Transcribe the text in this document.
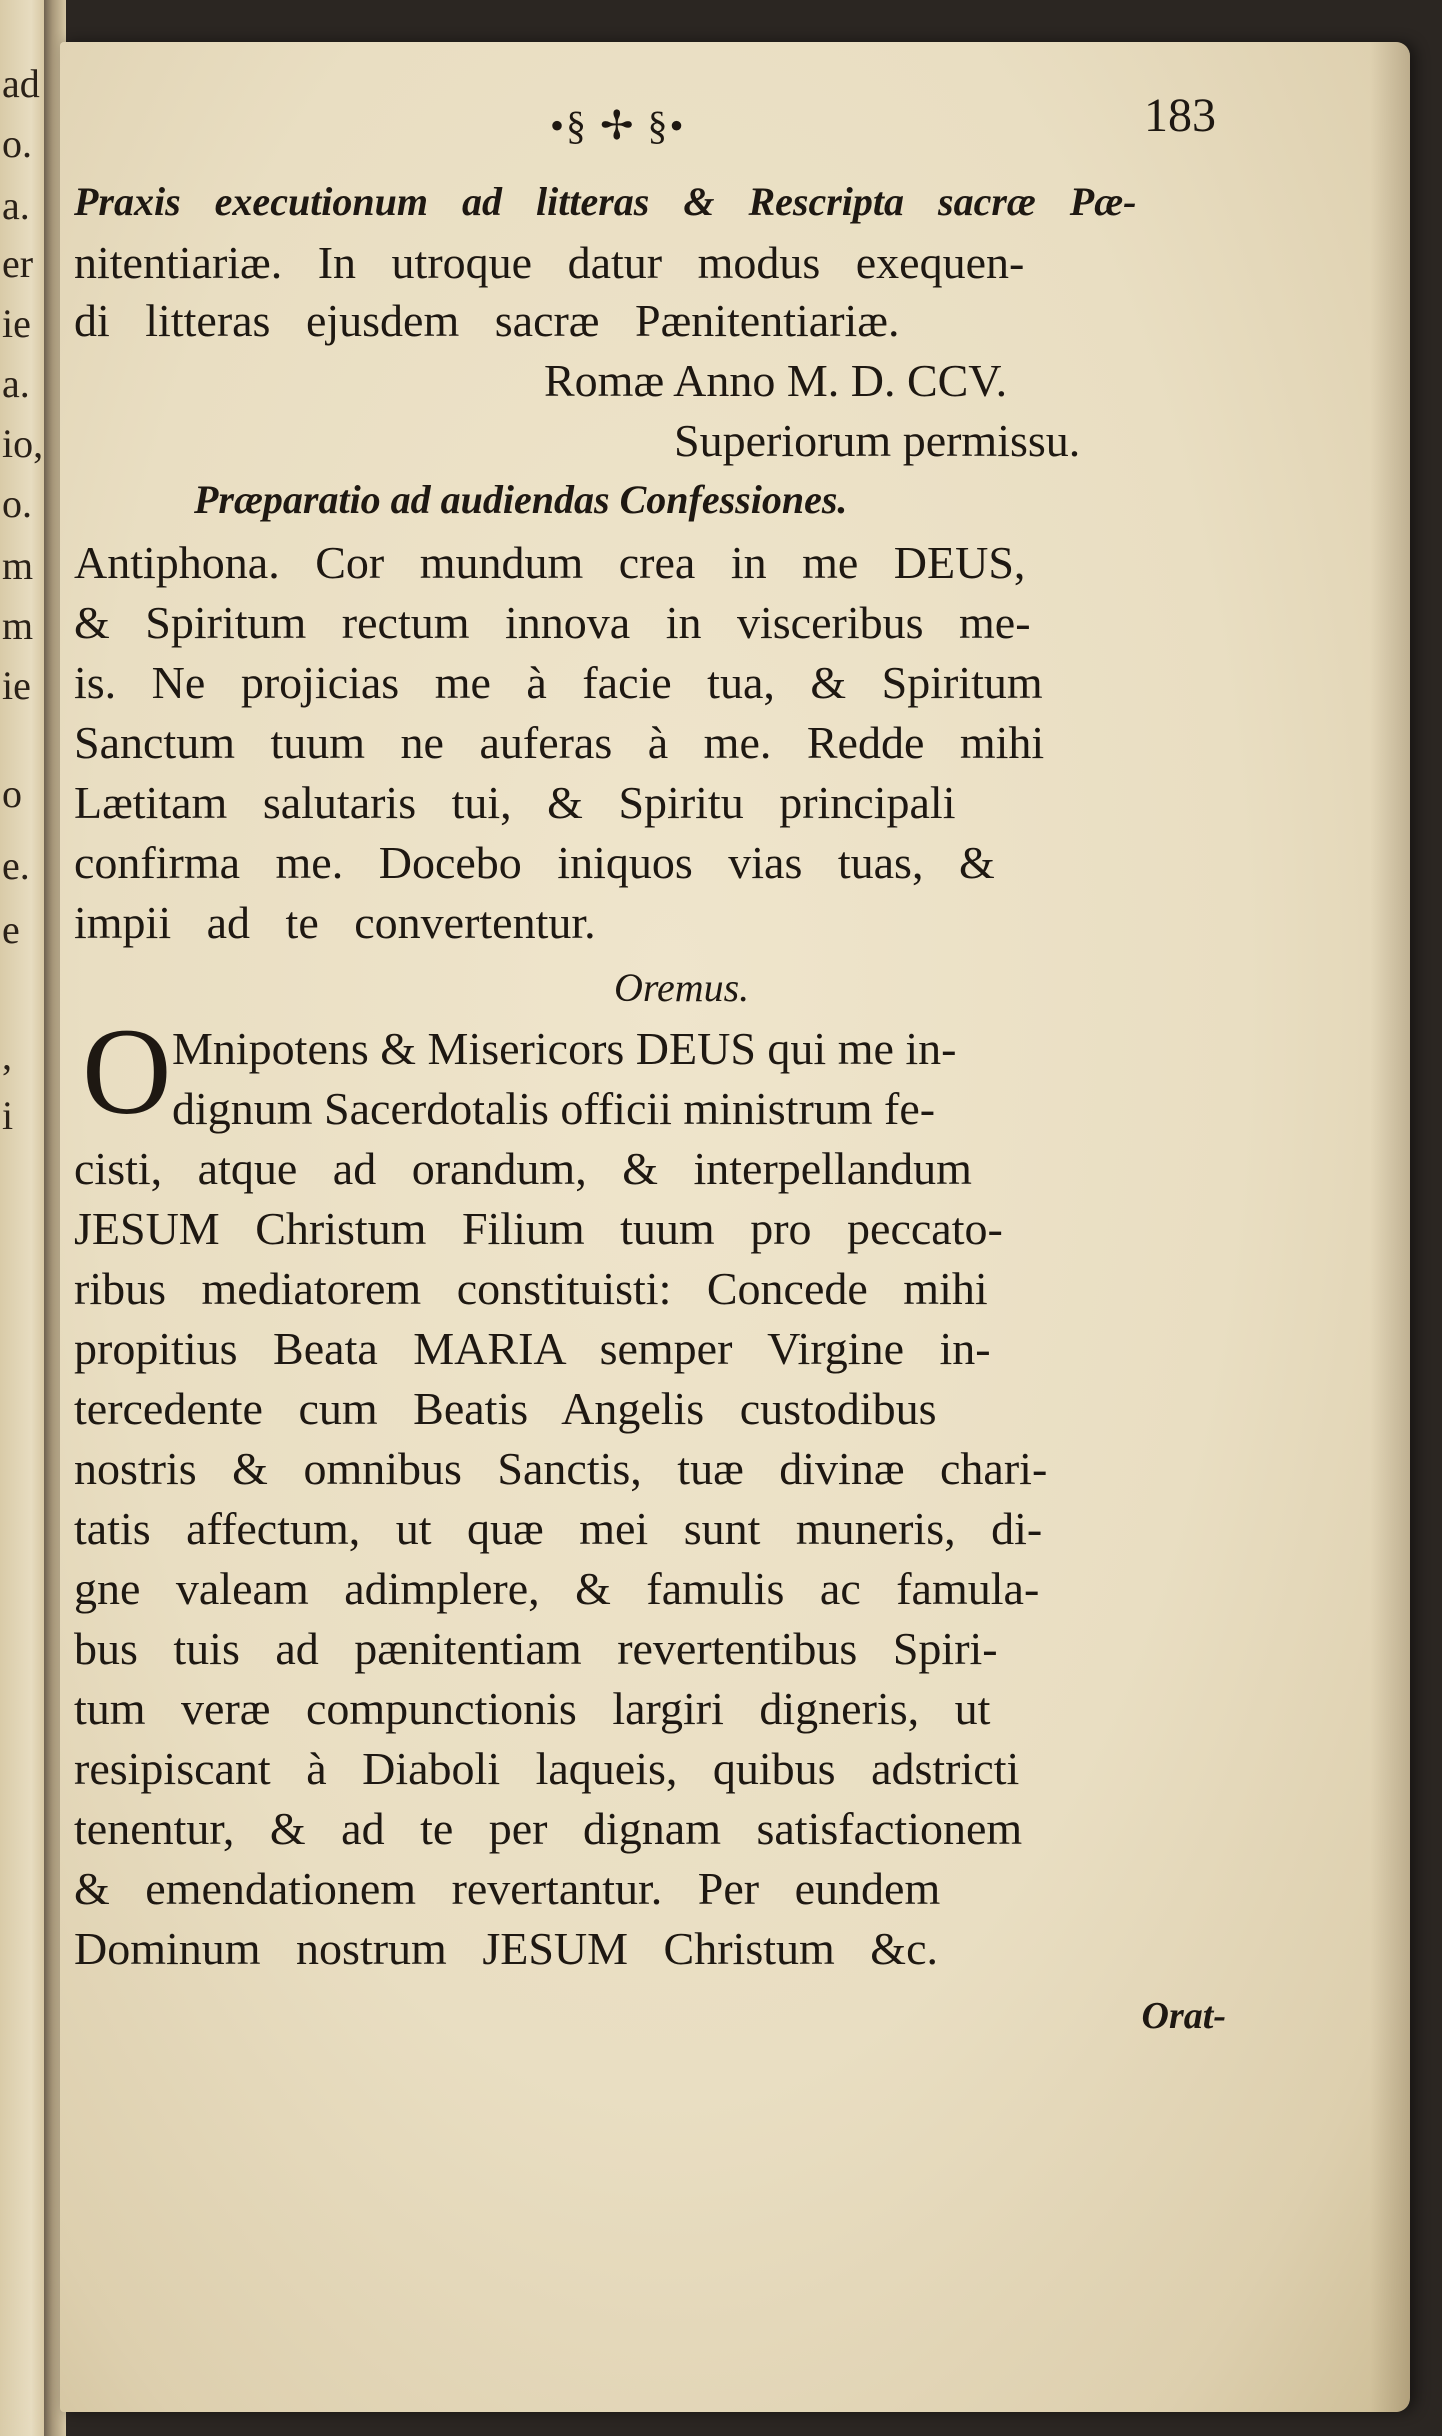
ad
o.
a.
er
ie
a.
io,
o.
m
m
ie
o
e.
e
,
i
•§ ✢ §•	183
Praxis executionum ad litteras & Rescripta sacræ Pæ-
nitentiariæ. In utroque datur modus exequen-
di litteras ejusdem sacræ Pænitentiariæ.
Romæ Anno M. D. CCV.
Superiorum permissu.
Præparatio ad audiendas Confessiones.
Antiphona. Cor mundum crea in me DEUS,
& Spiritum rectum innova in visceribus me-
is. Ne projicias me à facie tua, & Spiritum
Sanctum tuum ne auferas à me. Redde mihi
Lætitam salutaris tui, & Spiritu principali
confirma me. Docebo iniquos vias tuas, &
impii ad te convertentur.
Oremus.
O Mnipotens & Misericors DEUS qui me in-
dignum Sacerdotalis officii ministrum fe-
cisti, atque ad orandum, & interpellandum
JESUM Christum Filium tuum pro peccato-
ribus mediatorem constituisti: Concede mihi
propitius Beata MARIA semper Virgine in-
tercedente cum Beatis Angelis custodibus
nostris & omnibus Sanctis, tuæ divinæ chari-
tatis affectum, ut quæ mei sunt muneris, di-
gne valeam adimplere, & famulis ac famula-
bus tuis ad pænitentiam revertentibus Spiri-
tum veræ compunctionis largiri digneris, ut
resipiscant à Diaboli laqueis, quibus adstricti
tenentur, & ad te per dignam satisfactionem
& emendationem revertantur. Per eundem
Dominum nostrum JESUM Christum &c.
Orat-
